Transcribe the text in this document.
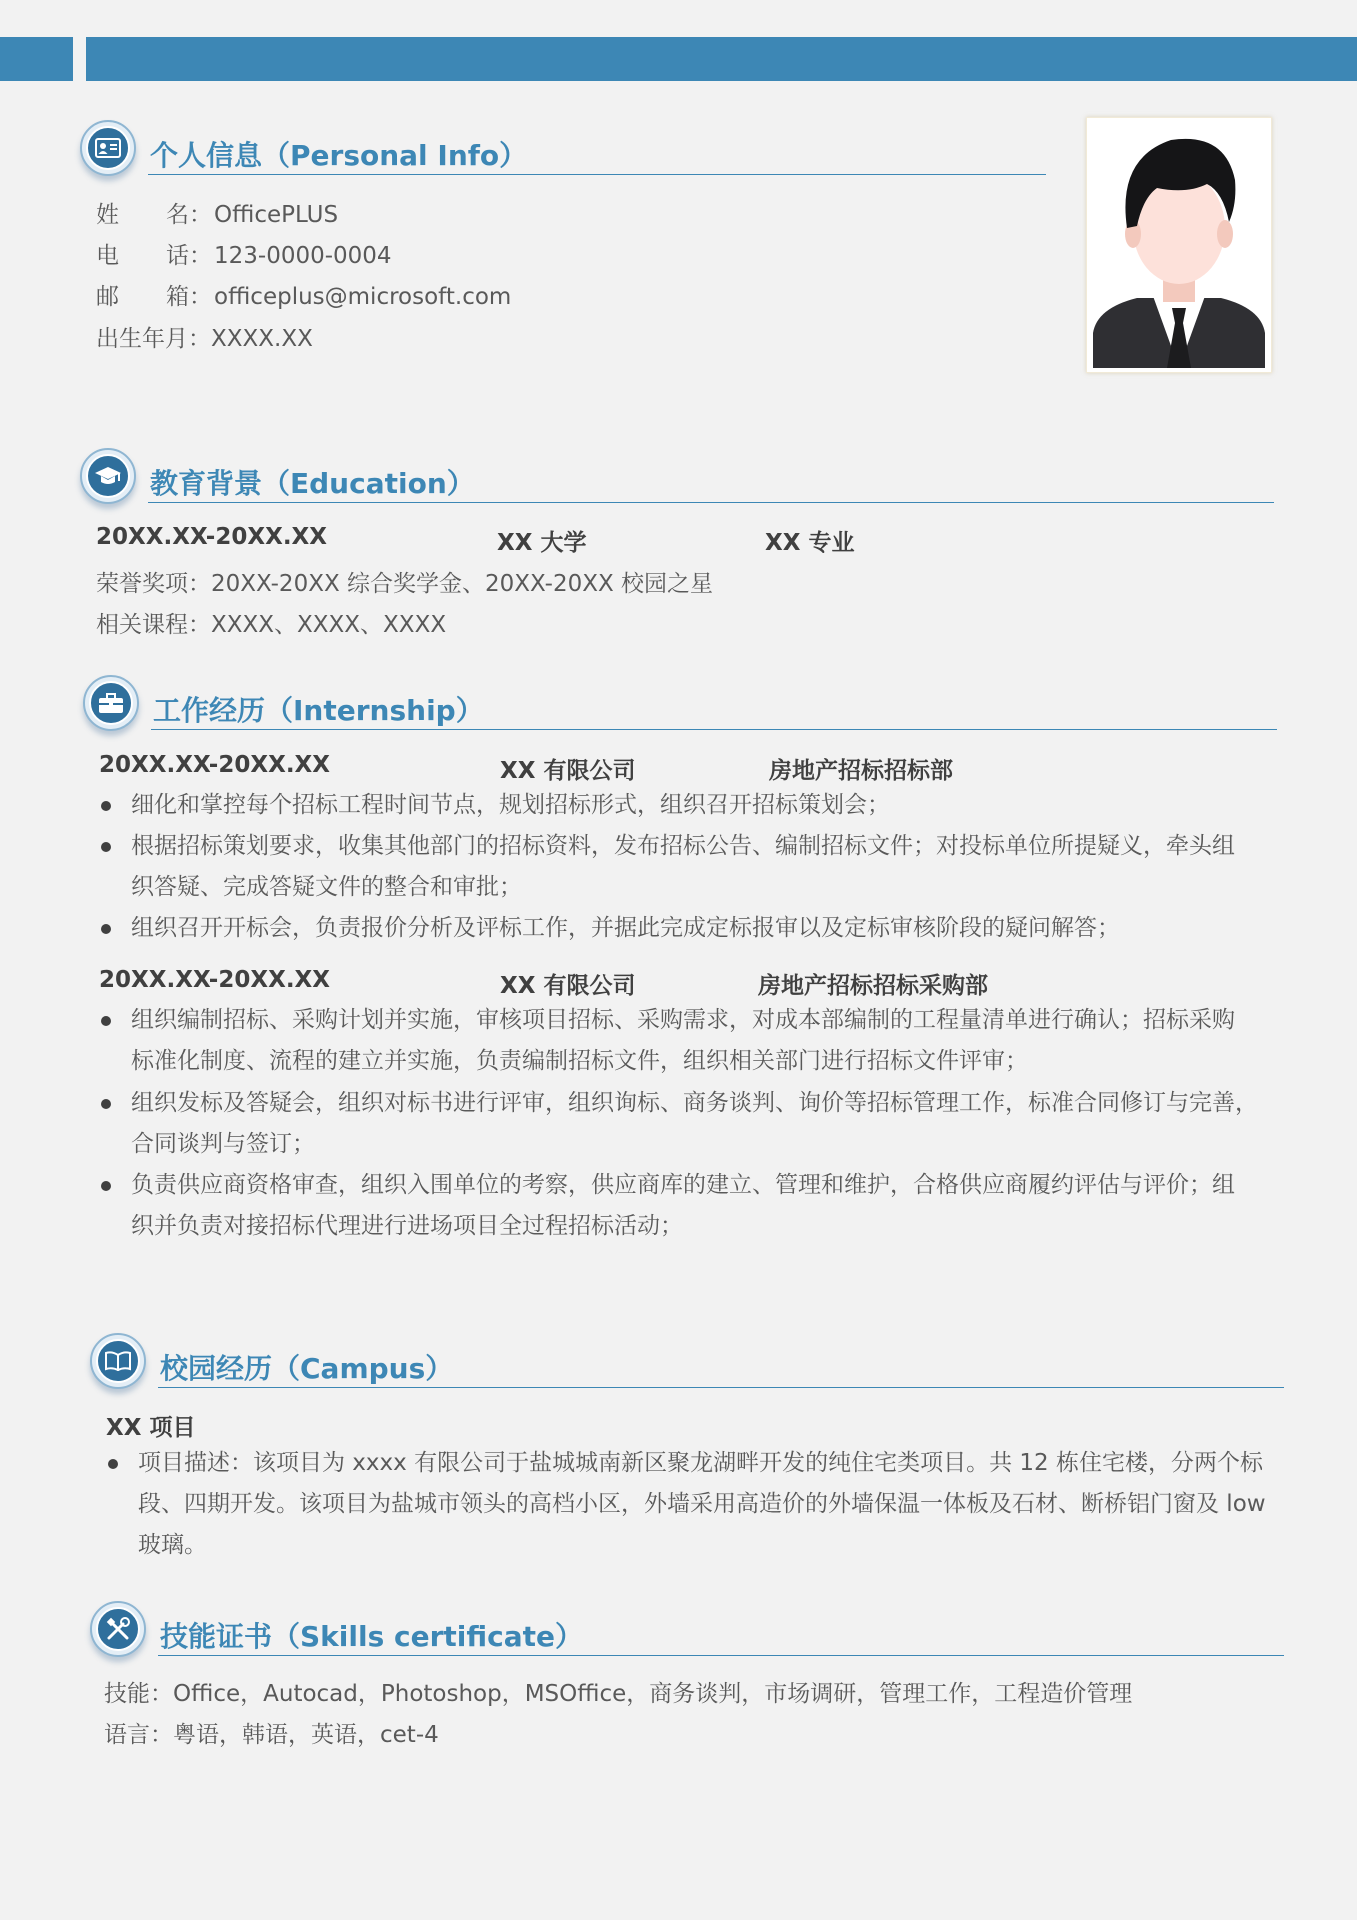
个人信息（Personal Info）
姓 名：OfficePLUS
电 话：123-0000-0004
邮 箱：officeplus@microsoft.com
出生年月：XXXX.XX
教育背景（Education）
20XX.XX-20XX.XX	XX 大学	XX 专业
荣誉奖项：20XX-20XX 综合奖学金、20XX-20XX 校园之星
相关课程：XXXX、XXXX、XXXX
工作经历（Internship）
20XX.XX-20XX.XX	XX 有限公司	房地产招标招标部
细化和掌控每个招标工程时间节点，规划招标形式，组织召开招标策划会；
根据招标策划要求，收集其他部门的招标资料，发布招标公告、编制招标文件；对投标单位所提疑义，牵头组
织答疑、完成答疑文件的整合和审批；
组织召开开标会，负责报价分析及评标工作，并据此完成定标报审以及定标审核阶段的疑问解答；
20XX.XX-20XX.XX	XX 有限公司	房地产招标招标采购部
组织编制招标、采购计划并实施，审核项目招标、采购需求，对成本部编制的工程量清单进行确认；招标采购
标准化制度、流程的建立并实施，负责编制招标文件，组织相关部门进行招标文件评审；
组织发标及答疑会，组织对标书进行评审，组织询标、商务谈判、询价等招标管理工作，标准合同修订与完善，
合同谈判与签订；
负责供应商资格审查，组织入围单位的考察，供应商库的建立、管理和维护，合格供应商履约评估与评价；组
织并负责对接招标代理进行进场项目全过程招标活动；
校园经历（Campus）
XX 项目
项目描述：该项目为 xxxx 有限公司于盐城城南新区聚龙湖畔开发的纯住宅类项目。共 12 栋住宅楼，分两个标
段、四期开发。该项目为盐城市领头的高档小区，外墙采用高造价的外墙保温一体板及石材、断桥铝门窗及 low
玻璃。
技能证书（Skills certificate）
技能：Office，Autocad，Photoshop，MSOffice，商务谈判，市场调研，管理工作，工程造价管理
语言：粤语，韩语，英语，cet-4
